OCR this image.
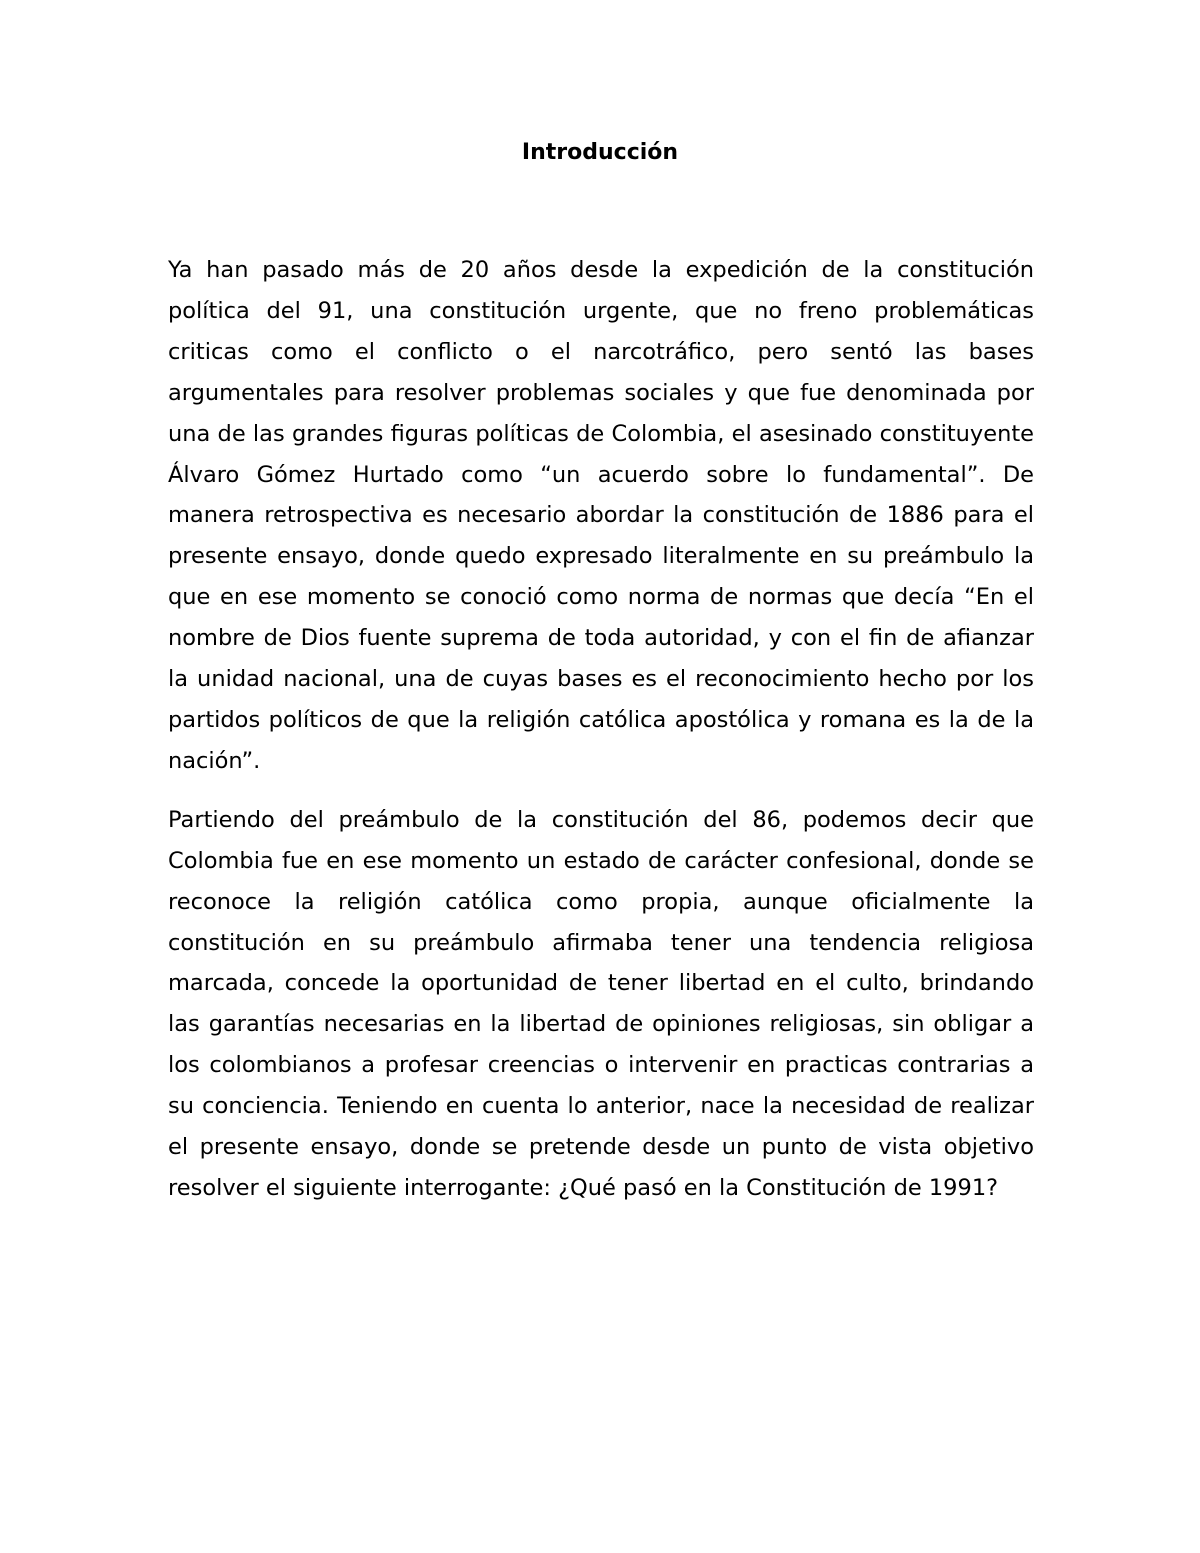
Introducción

Ya han pasado más de 20 años desde la expedición de la constitución política del 91, una constitución urgente, que no freno problemáticas criticas como el conflicto o el narcotráfico, pero sentó las bases argumentales para resolver problemas sociales y que fue denominada por una de las grandes figuras políticas de Colombia, el asesinado constituyente Álvaro Gómez Hurtado como “un acuerdo sobre lo fundamental”. De manera retrospectiva es necesario abordar la constitución de 1886 para el presente ensayo, donde quedo expresado literalmente en su preámbulo la que en ese momento se conoció como norma de normas que decía “En el nombre de Dios fuente suprema de toda autoridad, y con el fin de afianzar la unidad nacional, una de cuyas bases es el reconocimiento hecho por los partidos políticos de que la religión católica apostólica y romana es la de la nación”.

Partiendo del preámbulo de la constitución del 86, podemos decir que Colombia fue en ese momento un estado de carácter confesional, donde se reconoce la religión católica como propia, aunque oficialmente la constitución en su preámbulo afirmaba tener una tendencia religiosa marcada, concede la oportunidad de tener libertad en el culto, brindando las garantías necesarias en la libertad de opiniones religiosas, sin obligar a los colombianos a profesar creencias o intervenir en practicas contrarias a su conciencia. Teniendo en cuenta lo anterior, nace la necesidad de realizar el presente ensayo, donde se pretende desde un punto de vista objetivo resolver el siguiente interrogante: ¿Qué pasó en la Constitución de 1991?
